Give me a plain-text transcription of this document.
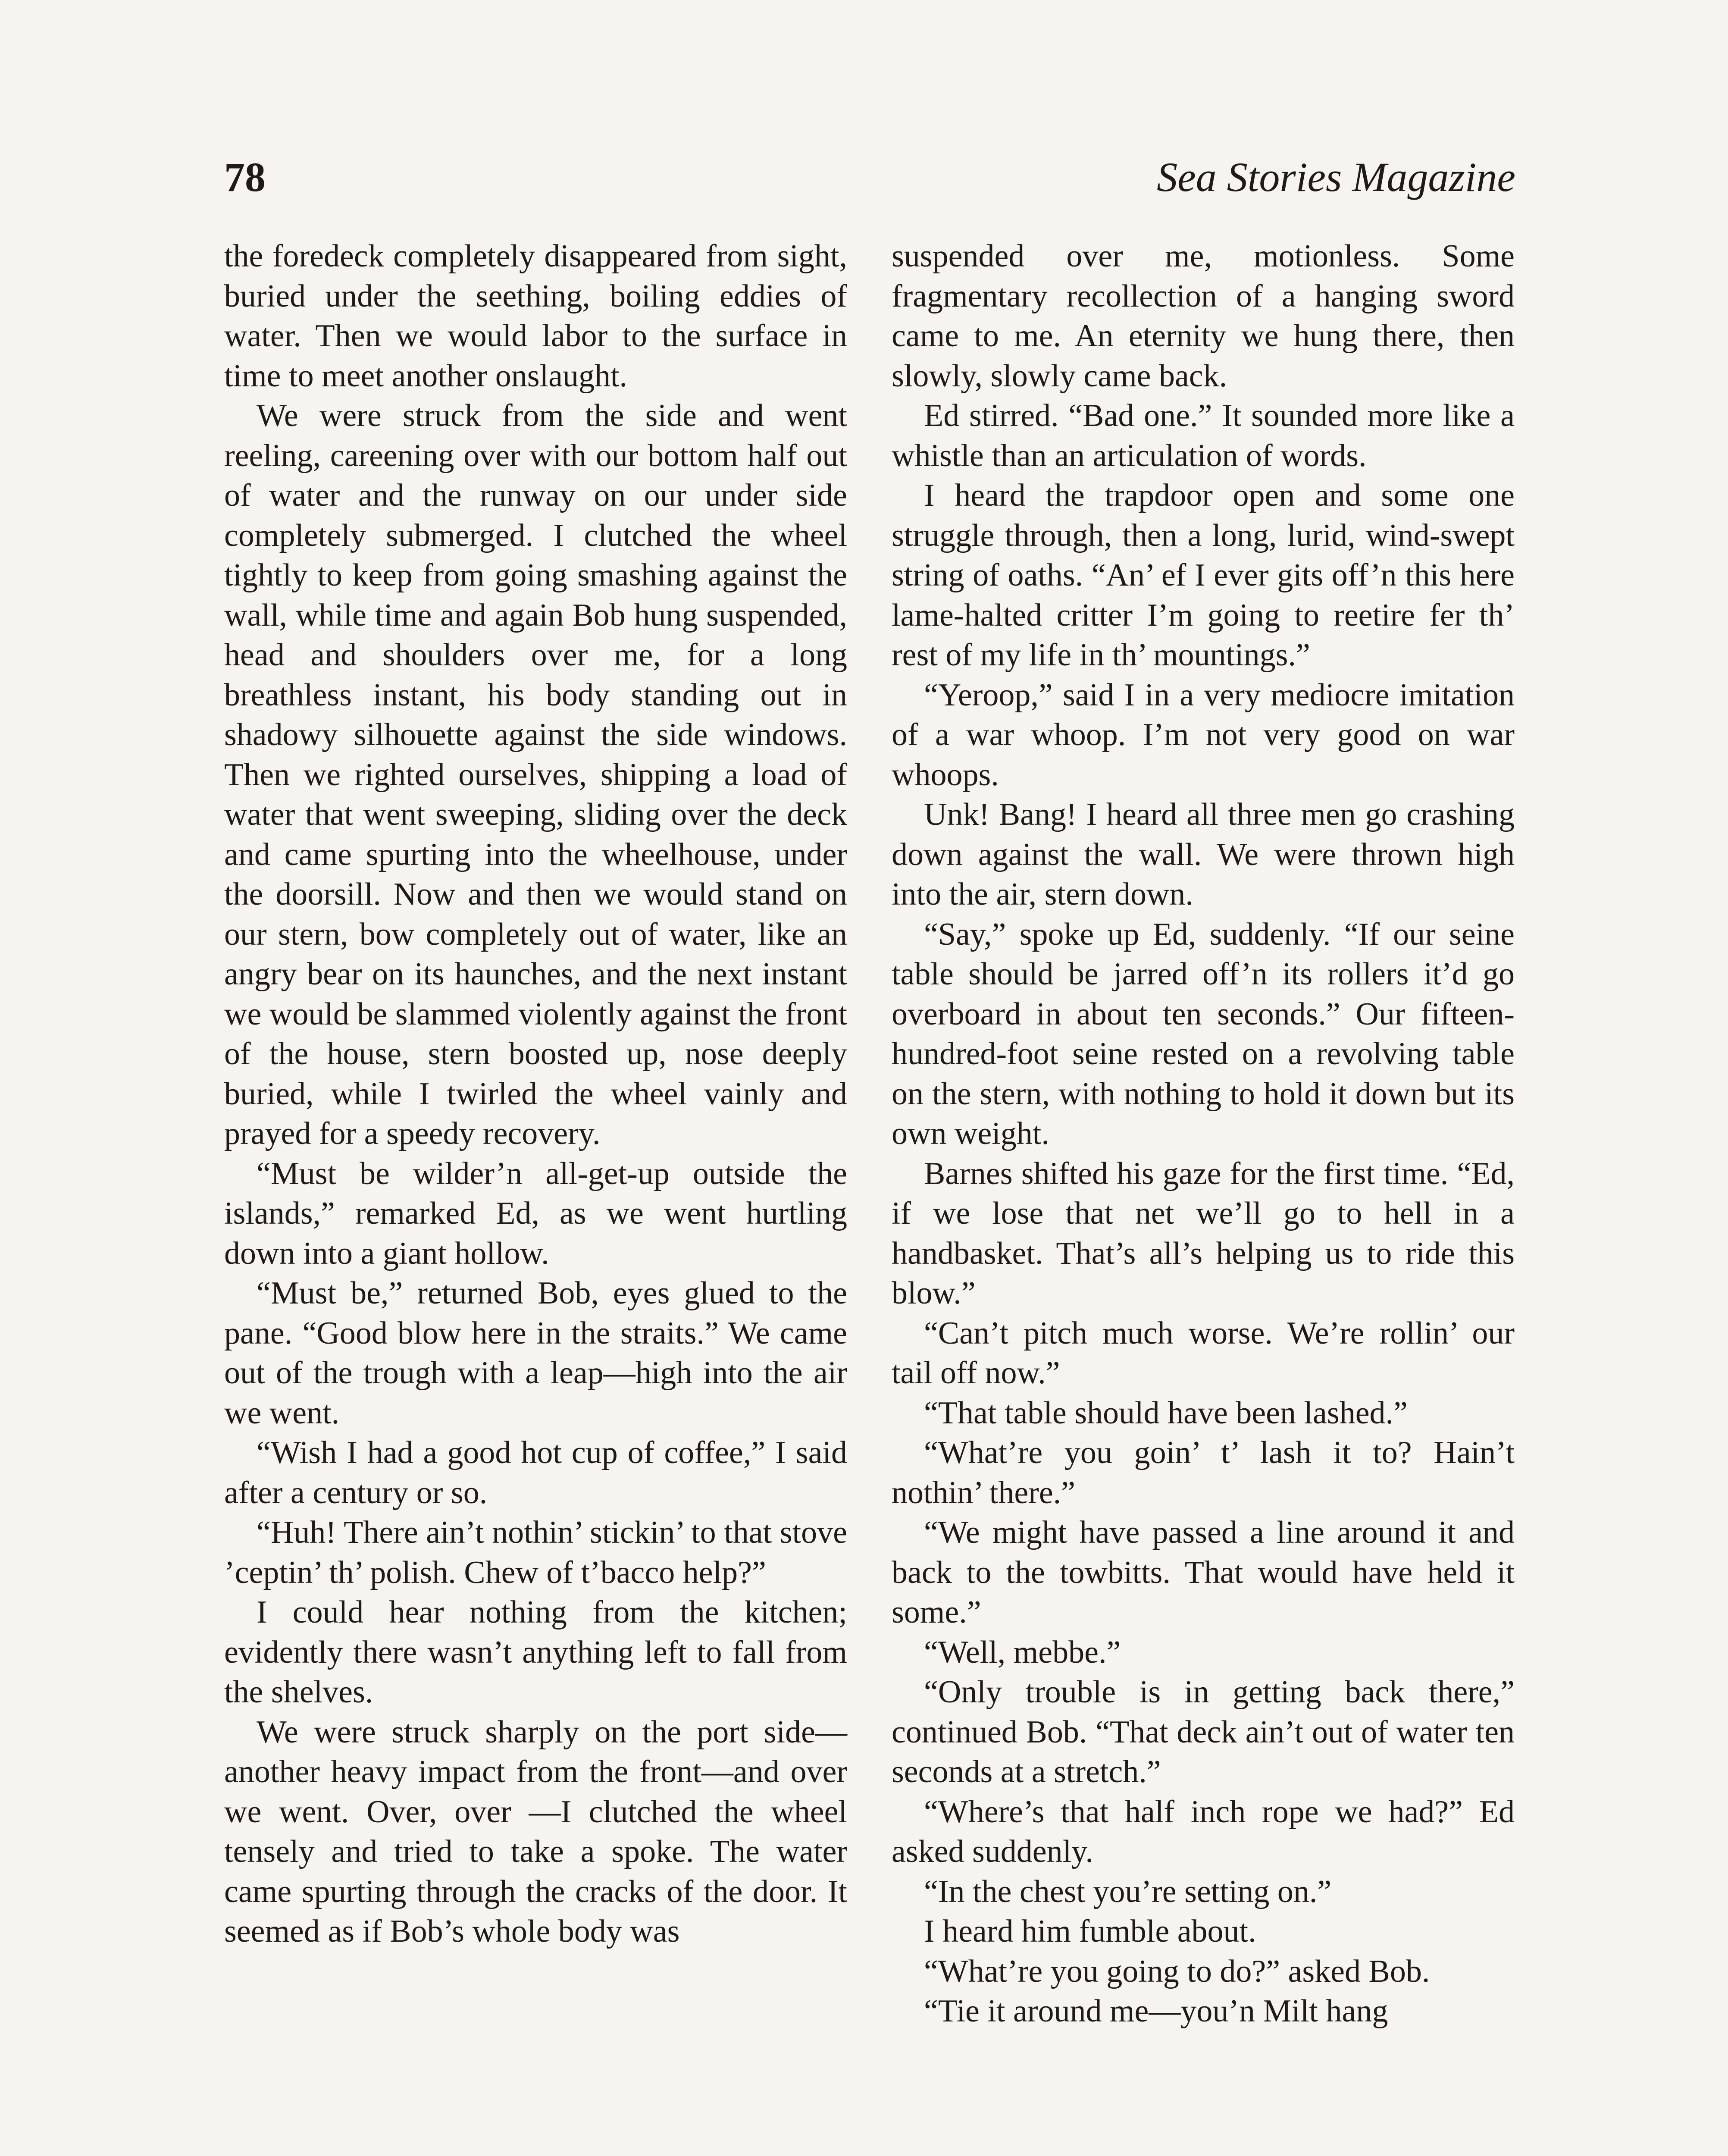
78	Sea Stories Magazine

the foredeck completely disappeared from sight, buried under the seething, boiling eddies of water. Then we would labor to the surface in time to meet another onslaught.

We were struck from the side and went reeling, careening over with our bottom half out of water and the runway on our under side completely submerged. I clutched the wheel tightly to keep from going smashing against the wall, while time and again Bob hung suspended, head and shoulders over me, for a long breathless instant, his body standing out in shadowy silhouette against the side windows. Then we righted ourselves, shipping a load of water that went sweeping, sliding over the deck and came spurting into the wheelhouse, under the doorsill. Now and then we would stand on our stern, bow completely out of water, like an angry bear on its haunches, and the next instant we would be slammed violently against the front of the house, stern boosted up, nose deeply buried, while I twirled the wheel vainly and prayed for a speedy recovery.

“Must be wilder’n all-get-up outside the islands,” remarked Ed, as we went hurtling down into a giant hollow.

“Must be,” returned Bob, eyes glued to the pane. “Good blow here in the straits.” We came out of the trough with a leap—high into the air we went.

“Wish I had a good hot cup of coffee,” I said after a century or so.

“Huh! There ain’t nothin’ stickin’ to that stove ’ceptin’ th’ polish. Chew of t’bacco help?”

I could hear nothing from the kitchen; evidently there wasn’t anything left to fall from the shelves.

We were struck sharply on the port side—another heavy impact from the front—and over we went. Over, over —I clutched the wheel tensely and tried to take a spoke. The water came spurting through the cracks of the door. It seemed as if Bob’s whole body was

suspended over me, motionless. Some fragmentary recollection of a hanging sword came to me. An eternity we hung there, then slowly, slowly came back.

Ed stirred. “Bad one.” It sounded more like a whistle than an articulation of words.

I heard the trapdoor open and some one struggle through, then a long, lurid, wind-swept string of oaths. “An’ ef I ever gits off’n this here lame-halted critter I’m going to reetire fer th’ rest of my life in th’ mountings.”

“Yeroop,” said I in a very mediocre imitation of a war whoop. I’m not very good on war whoops.

Unk! Bang! I heard all three men go crashing down against the wall. We were thrown high into the air, stern down.

“Say,” spoke up Ed, suddenly. “If our seine table should be jarred off’n its rollers it’d go overboard in about ten seconds.” Our fifteen-hundred-foot seine rested on a revolving table on the stern, with nothing to hold it down but its own weight.

Barnes shifted his gaze for the first time. “Ed, if we lose that net we’ll go to hell in a handbasket. That’s all’s helping us to ride this blow.”

“Can’t pitch much worse. We’re rollin’ our tail off now.”

“That table should have been lashed.”

“What’re you goin’ t’ lash it to? Hain’t nothin’ there.”

“We might have passed a line around it and back to the towbitts. That would have held it some.”

“Well, mebbe.”

“Only trouble is in getting back there,” continued Bob. “That deck ain’t out of water ten seconds at a stretch.”

“Where’s that half inch rope we had?” Ed asked suddenly.

“In the chest you’re setting on.”

I heard him fumble about.

“What’re you going to do?” asked Bob.

“Tie it around me—you’n Milt hang
